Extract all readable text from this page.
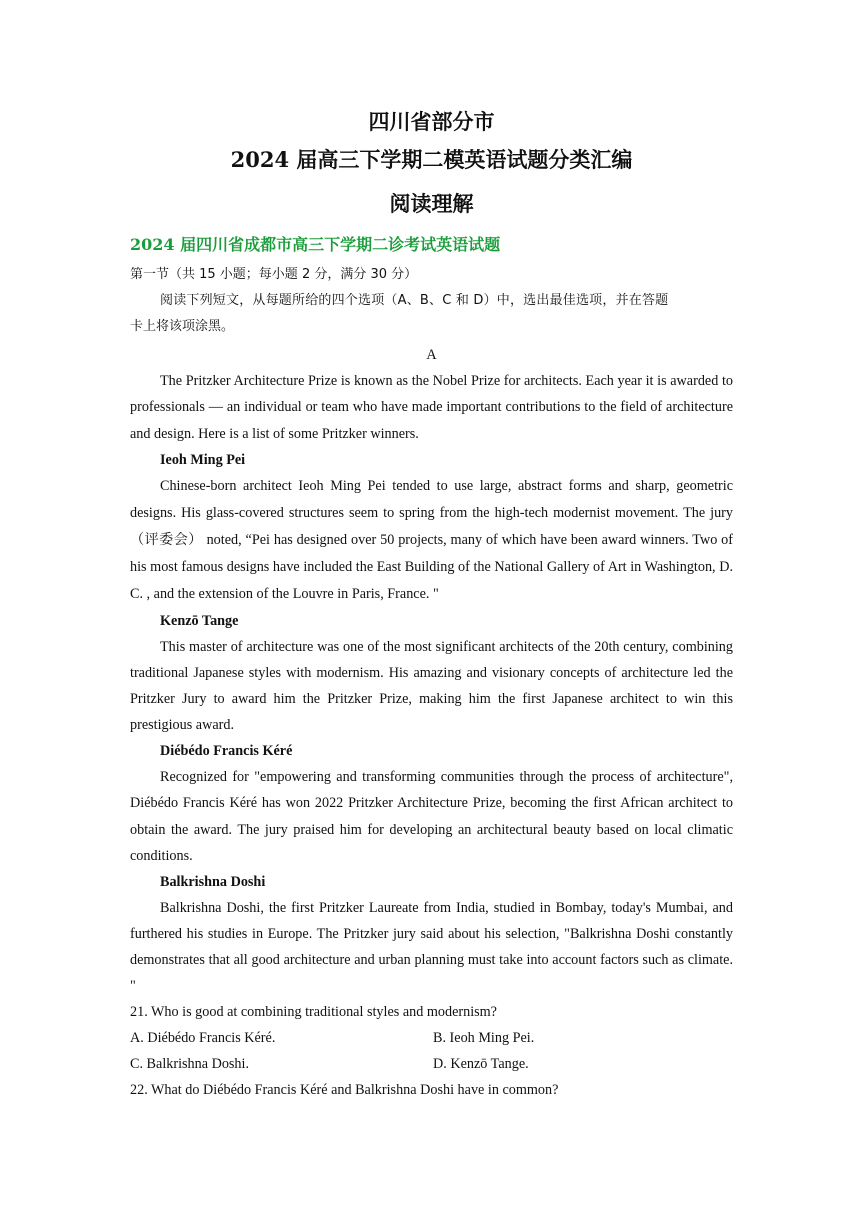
四川省部分市
2024 届高三下学期二模英语试题分类汇编
阅读理解
2024 届四川省成都市高三下学期二诊考试英语试题

第一节（共 15 小题；每小题 2 分，满分 30 分）

阅读下列短文，从每题所给的四个选项（A、B、C 和 D）中，选出最佳选项，并在答题

卡上将该项涂黑。

A

The Pritzker Architecture Prize is known as the Nobel Prize for architects. Each year it is awarded to professionals — an individual or team who have made important contributions to the field of architecture and design. Here is a list of some Pritzker winners.

Ieoh Ming Pei

Chinese-born architect Ieoh Ming Pei tended to use large, abstract forms and sharp, geometric designs. His glass-covered structures seem to spring from the high-tech modernist movement. The jury（评委会） noted, “Pei has designed over 50 projects, many of which have been award winners. Two of his most famous designs have included the East Building of the National Gallery of Art in Washington, D. C. , and the extension of the Louvre in Paris, France. "

Kenzō Tange

This master of architecture was one of the most significant architects of the 20th century, combining traditional Japanese styles with modernism. His amazing and visionary concepts of architecture led the Pritzker Jury to award him the Pritzker Prize, making him the first Japanese architect to win this prestigious award.

Diébédo Francis Kéré

Recognized for "empowering and transforming communities through the process of architecture", Diébédo Francis Kéré has won 2022 Pritzker Architecture Prize, becoming the first African architect to obtain the award. The jury praised him for developing an architectural beauty based on local climatic conditions.

Balkrishna Doshi

Balkrishna Doshi, the first Pritzker Laureate from India, studied in Bombay, today's Mumbai, and furthered his studies in Europe. The Pritzker jury said about his selection, "Balkrishna Doshi constantly demonstrates that all good architecture and urban planning must take into account factors such as climate. "

21. Who is good at combining traditional styles and modernism?

A. Diébédo Francis Kéré.	B. Ieoh Ming Pei.
C. Balkrishna Doshi.	D. Kenzō Tange.

22. What do Diébédo Francis Kéré and Balkrishna Doshi have in common?
